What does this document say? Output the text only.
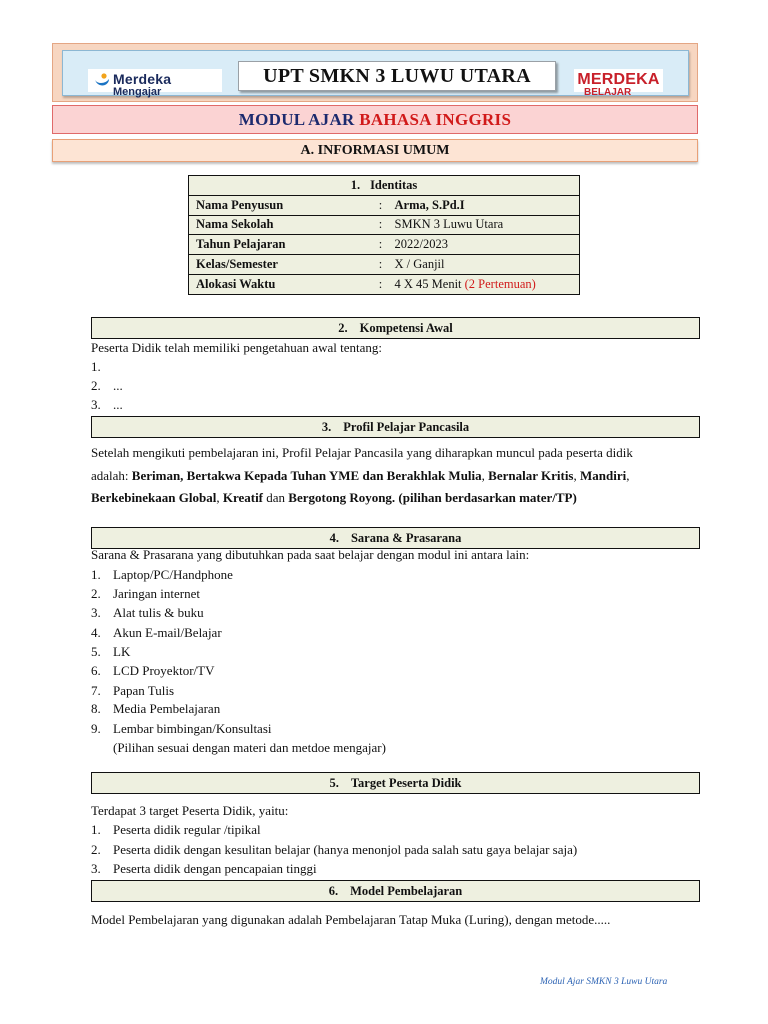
Merdeka
Mengajar
UPT SMKN 3 LUWU UTARA	MERDEKA
BELAJAR
MODUL AJAR BAHASA INGGRIS
A. INFORMASI UMUM
1. Identitas		
Nama Penyusun	:	Arma, S.Pd.I
Nama Sekolah	:	SMKN 3 Luwu Utara
Tahun Pelajaran	:	2022/2023
Kelas/Semester	:	X / Ganjil
Alokasi Waktu	:	4 X 45 Menit (2 Pertemuan)
2. Kompetensi Awal
Peserta Didik telah memiliki pengetahuan awal tentang:
1.
2. ...
3. ...
3. Profil Pelajar Pancasila
Setelah mengikuti pembelajaran ini, Profil Pelajar Pancasila yang diharapkan muncul pada peserta didik
adalah: Beriman, Bertakwa Kepada Tuhan YME dan Berakhlak Mulia, Bernalar Kritis, Mandiri,
Berkebinekaan Global, Kreatif dan Bergotong Royong. (pilihan berdasarkan mater/TP)
4. Sarana & Prasarana
Sarana & Prasarana yang dibutuhkan pada saat belajar dengan modul ini antara lain:
1. Laptop/PC/Handphone
2. Jaringan internet
3. Alat tulis & buku
4. Akun E-mail/Belajar
5. LK
6. LCD Proyektor/TV
7. Papan Tulis
8. Media Pembelajaran
9. Lembar bimbingan/Konsultasi
(Pilihan sesuai dengan materi dan metdoe mengajar)
5. Target Peserta Didik
Terdapat 3 target Peserta Didik, yaitu:
1. Peserta didik regular /tipikal
2. Peserta didik dengan kesulitan belajar (hanya menonjol pada salah satu gaya belajar saja)
3. Peserta didik dengan pencapaian tinggi
6. Model Pembelajaran
Model Pembelajaran yang digunakan adalah Pembelajaran Tatap Muka (Luring), dengan metode.....
Modul Ajar SMKN 3 Luwu Utara
